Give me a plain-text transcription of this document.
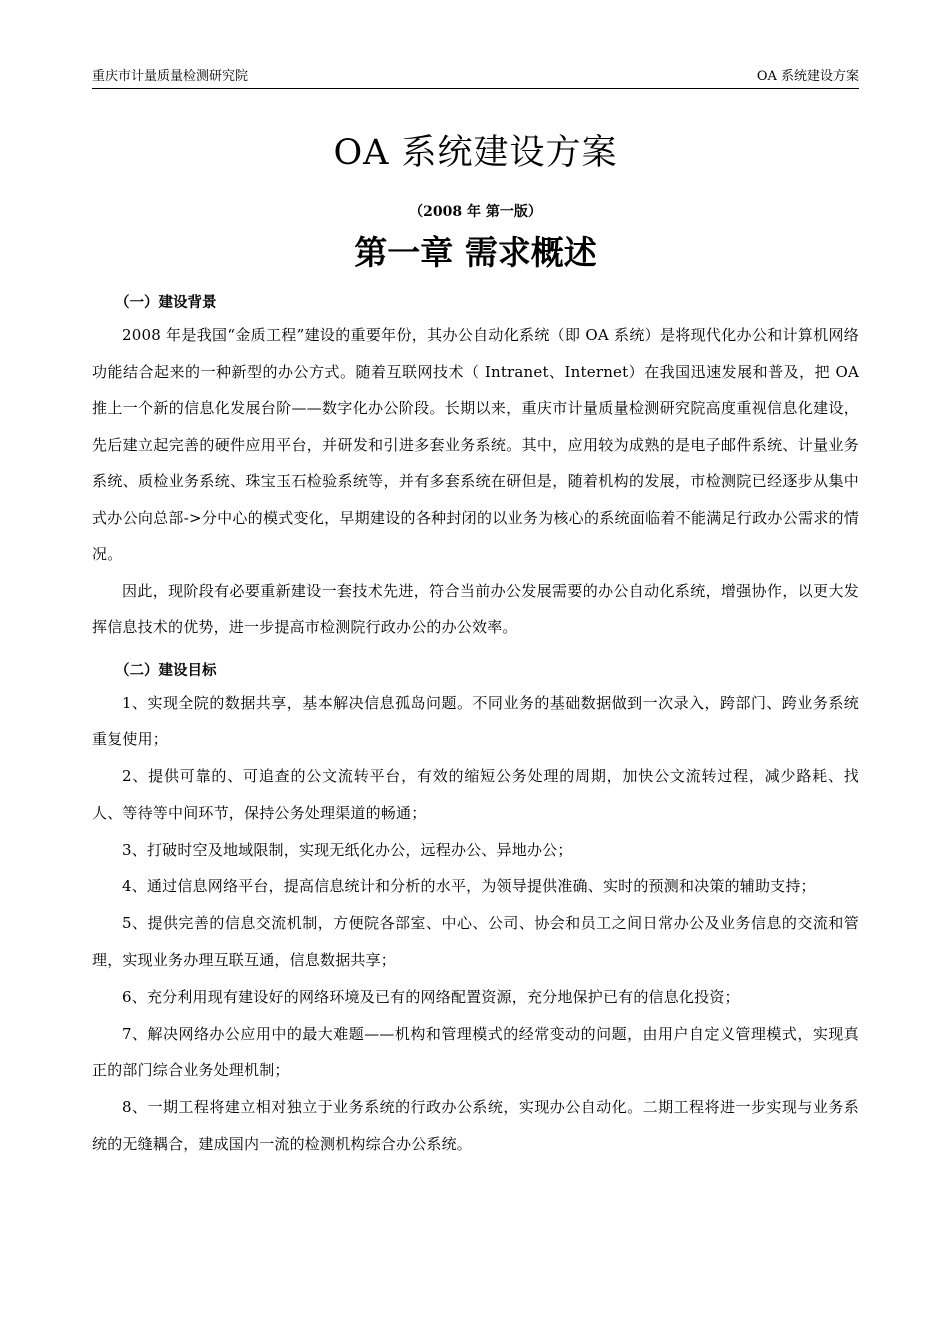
重庆市计量质量检测研究院	OA 系统建设方案
OA 系统建设方案
（2008 年 第一版）
第一章 需求概述
（一）建设背景

2008 年是我国“金质工程”建设的重要年份，其办公自动化系统（即 OA 系统）是将现代化办公和计算机网络功能结合起来的一种新型的办公方式。随着互联网技术（ Intranet、Internet）在我国迅速发展和普及，把 OA 推上一个新的信息化发展台阶——数字化办公阶段。长期以来，重庆市计量质量检测研究院高度重视信息化建设，先后建立起完善的硬件应用平台，并研发和引进多套业务系统。其中，应用较为成熟的是电子邮件系统、计量业务系统、质检业务系统、珠宝玉石检验系统等，并有多套系统在研但是，随着机构的发展，市检测院已经逐步从集中式办公向总部->分中心的模式变化，早期建设的各种封闭的以业务为核心的系统面临着不能满足行政办公需求的情况。

因此，现阶段有必要重新建设一套技术先进，符合当前办公发展需要的办公自动化系统，增强协作，以更大发挥信息技术的优势，进一步提高市检测院行政办公的办公效率。

（二）建设目标

1、实现全院的数据共享，基本解决信息孤岛问题。不同业务的基础数据做到一次录入，跨部门、跨业务系统重复使用；

2、提供可靠的、可追查的公文流转平台，有效的缩短公务处理的周期，加快公文流转过程，减少路耗、找人、等待等中间环节，保持公务处理渠道的畅通；

3、打破时空及地域限制，实现无纸化办公，远程办公、异地办公；

4、通过信息网络平台，提高信息统计和分析的水平，为领导提供准确、实时的预测和决策的辅助支持；

5、提供完善的信息交流机制，方便院各部室、中心、公司、协会和员工之间日常办公及业务信息的交流和管理，实现业务办理互联互通，信息数据共享；

6、充分利用现有建设好的网络环境及已有的网络配置资源，充分地保护已有的信息化投资；

7、解决网络办公应用中的最大难题——机构和管理模式的经常变动的问题，由用户自定义管理模式，实现真正的部门综合业务处理机制；

8、一期工程将建立相对独立于业务系统的行政办公系统，实现办公自动化。二期工程将进一步实现与业务系统的无缝耦合，建成国内一流的检测机构综合办公系统。
